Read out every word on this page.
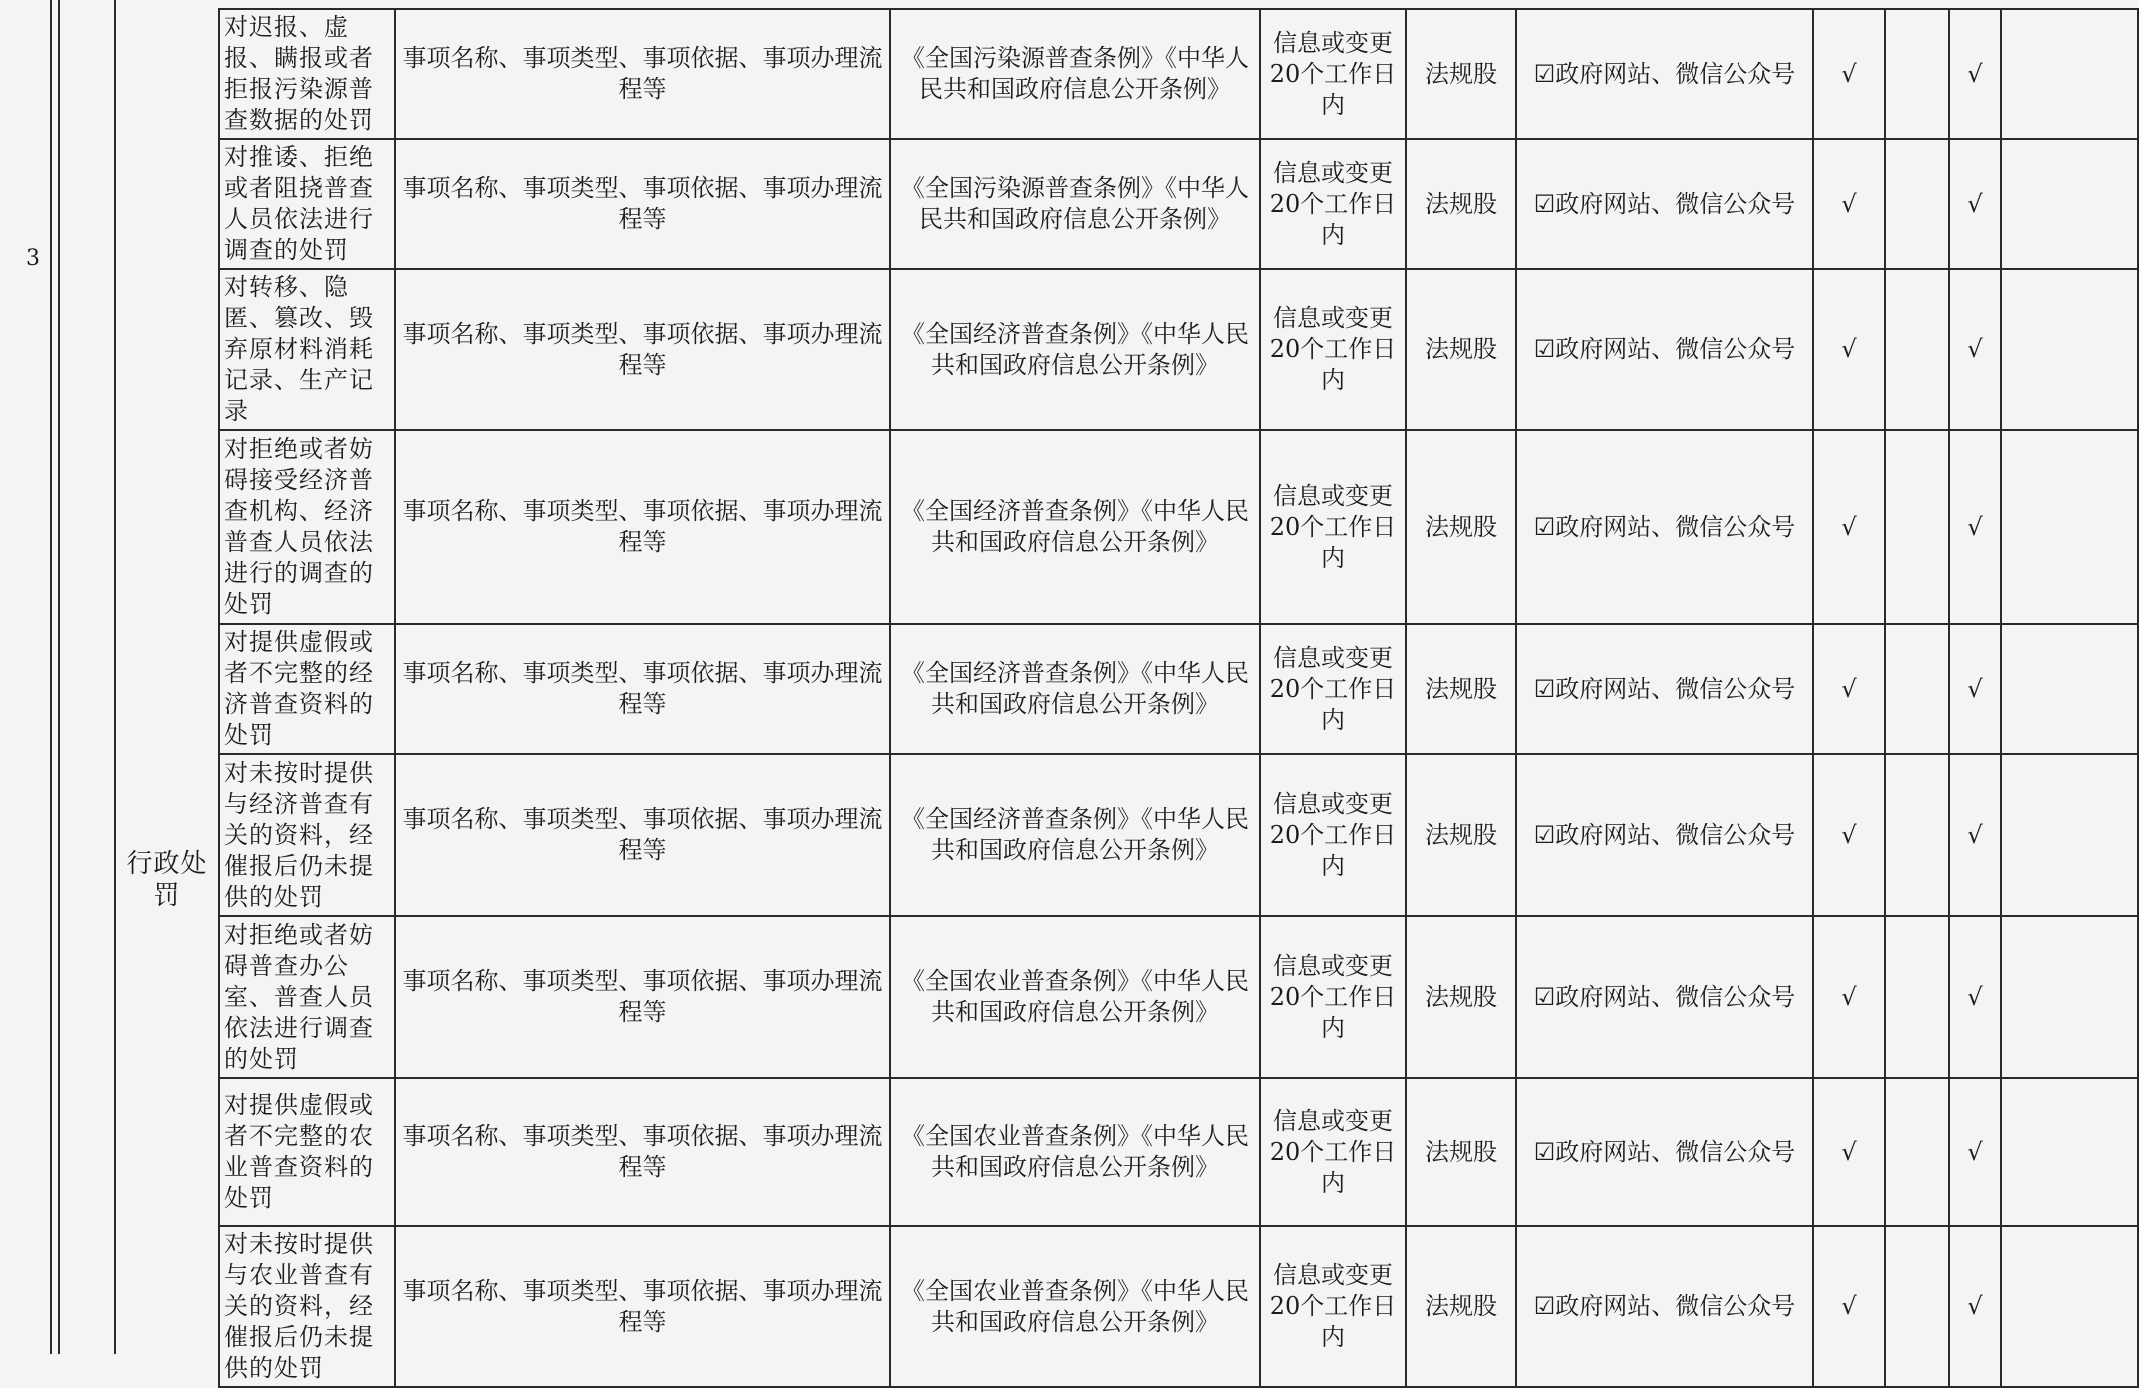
3
行政处罚
对迟报、虚报、瞒报或者拒报污染源普查数据的处罚	事项名称、事项类型、事项依据、事项办理流程等	《全国污染源普查条例》《中华人民共和国政府信息公开条例》	信息或变更20个工作日内	法规股	☑政府网站、微信公众号	√		√	
对推诿、拒绝或者阻挠普查人员依法进行调查的处罚	事项名称、事项类型、事项依据、事项办理流程等	《全国污染源普查条例》《中华人民共和国政府信息公开条例》	信息或变更20个工作日内	法规股	☑政府网站、微信公众号	√		√	
对转移、隐匿、篡改、毁弃原材料消耗记录、生产记录	事项名称、事项类型、事项依据、事项办理流程等	《全国经济普查条例》《中华人民共和国政府信息公开条例》	信息或变更20个工作日内	法规股	☑政府网站、微信公众号	√		√	
对拒绝或者妨碍接受经济普查机构、经济普查人员依法进行的调查的处罚	事项名称、事项类型、事项依据、事项办理流程等	《全国经济普查条例》《中华人民共和国政府信息公开条例》	信息或变更20个工作日内	法规股	☑政府网站、微信公众号	√		√	
对提供虚假或者不完整的经济普查资料的处罚	事项名称、事项类型、事项依据、事项办理流程等	《全国经济普查条例》《中华人民共和国政府信息公开条例》	信息或变更20个工作日内	法规股	☑政府网站、微信公众号	√		√	
对未按时提供与经济普查有关的资料，经催报后仍未提供的处罚	事项名称、事项类型、事项依据、事项办理流程等	《全国经济普查条例》《中华人民共和国政府信息公开条例》	信息或变更20个工作日内	法规股	☑政府网站、微信公众号	√		√	
对拒绝或者妨碍普查办公室、普查人员依法进行调查的处罚	事项名称、事项类型、事项依据、事项办理流程等	《全国农业普查条例》《中华人民共和国政府信息公开条例》	信息或变更20个工作日内	法规股	☑政府网站、微信公众号	√		√	
对提供虚假或者不完整的农业普查资料的处罚	事项名称、事项类型、事项依据、事项办理流程等	《全国农业普查条例》《中华人民共和国政府信息公开条例》	信息或变更20个工作日内	法规股	☑政府网站、微信公众号	√		√	
对未按时提供与农业普查有关的资料，经催报后仍未提供的处罚	事项名称、事项类型、事项依据、事项办理流程等	《全国农业普查条例》《中华人民共和国政府信息公开条例》	信息或变更20个工作日内	法规股	☑政府网站、微信公众号	√		√	
